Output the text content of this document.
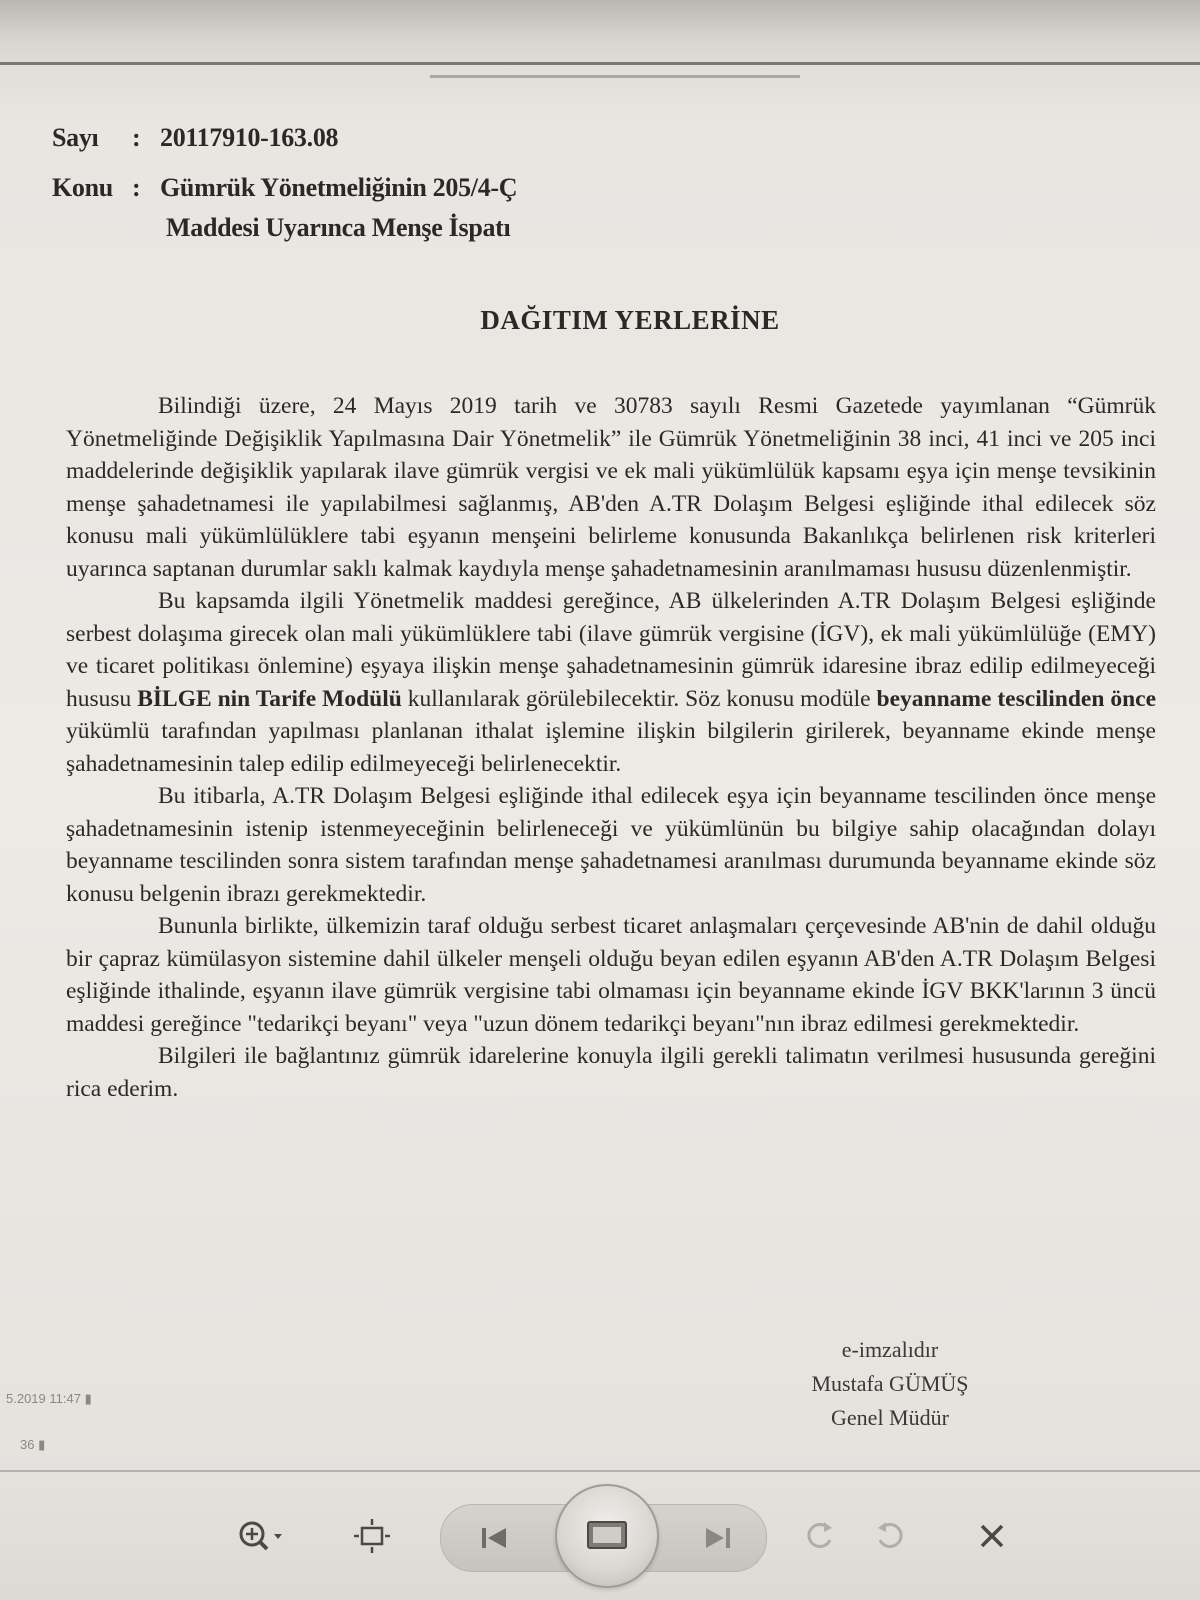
Sayı : 20117910-163.08
Konu : Gümrük Yönetmeliğinin 205/4-Ç
Maddesi Uyarınca Menşe İspatı
DAĞITIM YERLERİNE

Bilindiği üzere, 24 Mayıs 2019 tarih ve 30783 sayılı Resmi Gazetede yayımlanan “Gümrük Yönetmeliğinde Değişiklik Yapılmasına Dair Yönetmelik” ile Gümrük Yönetmeliğinin 38 inci, 41 inci ve 205 inci maddelerinde değişiklik yapılarak ilave gümrük vergisi ve ek mali yükümlülük kapsamı eşya için menşe tevsikinin menşe şahadetnamesi ile yapılabilmesi sağlanmış, AB'den A.TR Dolaşım Belgesi eşliğinde ithal edilecek söz konusu mali yükümlülüklere tabi eşyanın menşeini belirleme konusunda Bakanlıkça belirlenen risk kriterleri uyarınca saptanan durumlar saklı kalmak kaydıyla menşe şahadetnamesinin aranılmaması hususu düzenlenmiştir.

Bu kapsamda ilgili Yönetmelik maddesi gereğince, AB ülkelerinden A.TR Dolaşım Belgesi eşliğinde serbest dolaşıma girecek olan mali yükümlüklere tabi (ilave gümrük vergisine (İGV), ek mali yükümlülüğe (EMY) ve ticaret politikası önlemine) eşyaya ilişkin menşe şahadetnamesinin gümrük idaresine ibraz edilip edilmeyeceği hususu BİLGE nin Tarife Modülü kullanılarak görülebilecektir. Söz konusu modüle beyanname tescilinden önce yükümlü tarafından yapılması planlanan ithalat işlemine ilişkin bilgilerin girilerek, beyanname ekinde menşe şahadetnamesinin talep edilip edilmeyeceği belirlenecektir.

Bu itibarla, A.TR Dolaşım Belgesi eşliğinde ithal edilecek eşya için beyanname tescilinden önce menşe şahadetnamesinin istenip istenmeyeceğinin belirleneceği ve yükümlünün bu bilgiye sahip olacağından dolayı beyanname tescilinden sonra sistem tarafından menşe şahadetnamesi aranılması durumunda beyanname ekinde söz konusu belgenin ibrazı gerekmektedir.

Bununla birlikte, ülkemizin taraf olduğu serbest ticaret anlaşmaları çerçevesinde AB'nin de dahil olduğu bir çapraz kümülasyon sistemine dahil ülkeler menşeli olduğu beyan edilen eşyanın AB'den A.TR Dolaşım Belgesi eşliğinde ithalinde, eşyanın ilave gümrük vergisine tabi olmaması için beyanname ekinde İGV BKK'larının 3 üncü maddesi gereğince "tedarikçi beyanı" veya "uzun dönem tedarikçi beyanı"nın ibraz edilmesi gerekmektedir.

Bilgileri ile bağlantınız gümrük idarelerine konuyla ilgili gerekli talimatın verilmesi hususunda gereğini rica ederim.

e-imzalıdır
Mustafa GÜMÜŞ
Genel Müdür
5.2019 11:47 ▮
36 ▮
